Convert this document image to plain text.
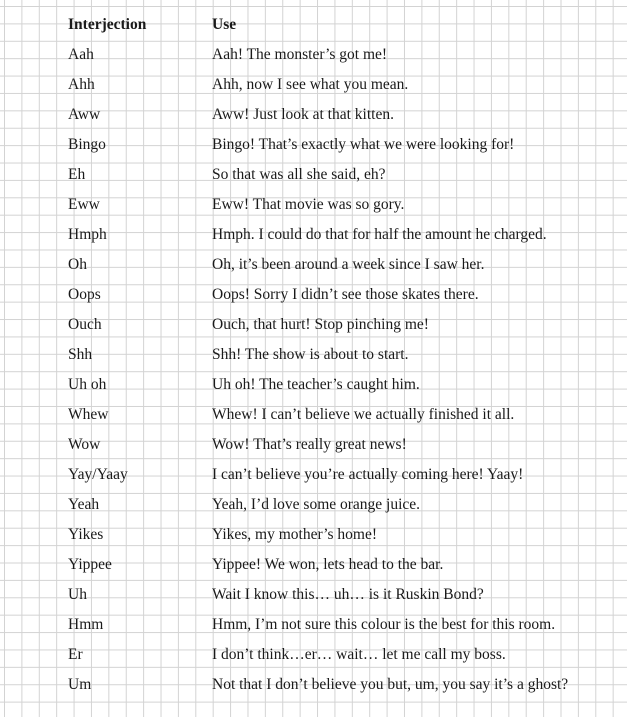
Interjection	Use
Aah	Aah! The monster’s got me!
Ahh	Ahh, now I see what you mean.
Aww	Aww! Just look at that kitten.
Bingo	Bingo! That’s exactly what we were looking for!
Eh	So that was all she said, eh?
Eww	Eww! That movie was so gory.
Hmph	Hmph. I could do that for half the amount he charged.
Oh	Oh, it’s been around a week since I saw her.
Oops	Oops! Sorry I didn’t see those skates there.
Ouch	Ouch, that hurt! Stop pinching me!
Shh	Shh! The show is about to start.
Uh oh	Uh oh! The teacher’s caught him.
Whew	Whew! I can’t believe we actually finished it all.
Wow	Wow! That’s really great news!
Yay/Yaay	I can’t believe you’re actually coming here! Yaay!
Yeah	Yeah, I’d love some orange juice.
Yikes	Yikes, my mother’s home!
Yippee	Yippee! We won, lets head to the bar.
Uh	Wait I know this… uh… is it Ruskin Bond?
Hmm	Hmm, I’m not sure this colour is the best for this room.
Er	I don’t think…er… wait… let me call my boss.
Um	Not that I don’t believe you but, um, you say it’s a ghost?
